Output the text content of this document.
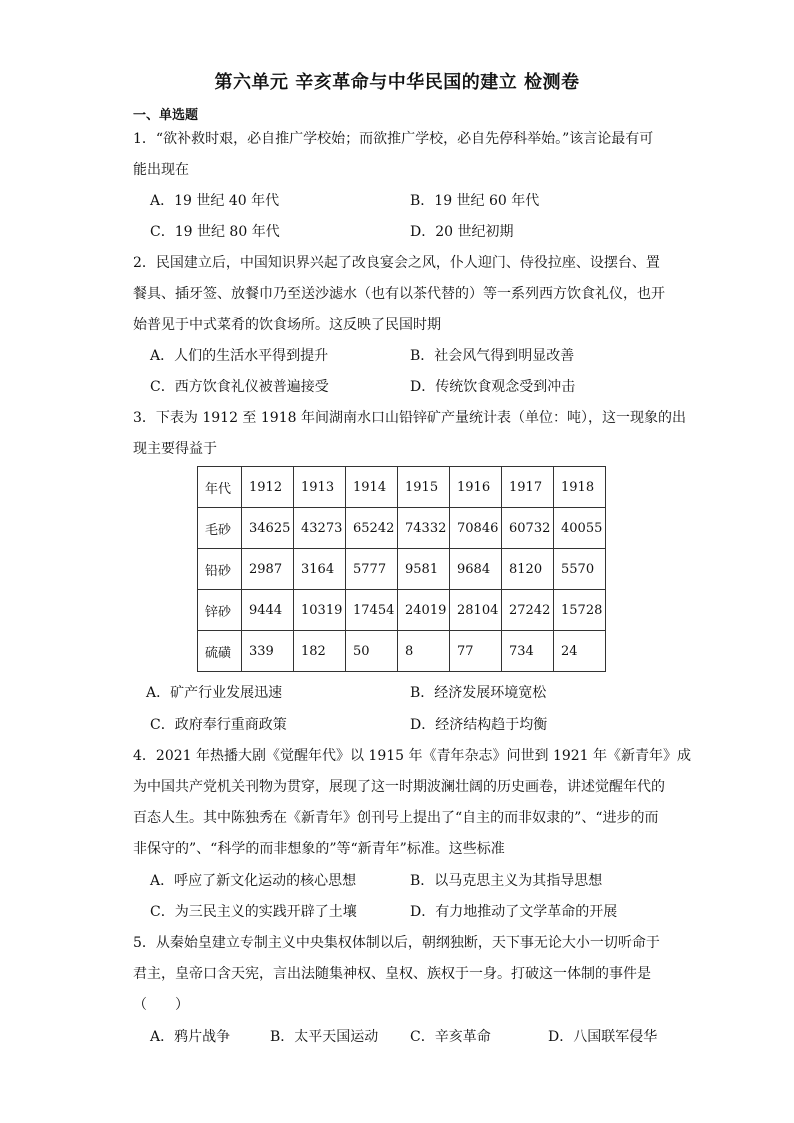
第六单元 辛亥革命与中华民国的建立 检测卷
一、单选题
1．“欲补救时艰，必自推广学校始；而欲推广学校，必自先停科举始。”该言论最有可
能出现在
A．19 世纪 40 年代	B．19 世纪 60 年代
C．19 世纪 80 年代	D．20 世纪初期
2．民国建立后，中国知识界兴起了改良宴会之风，仆人迎门、侍役拉座、设摆台、置
餐具、插牙签、放餐巾乃至送沙滤水（也有以茶代替的）等一系列西方饮食礼仪，也开
始普见于中式菜肴的饮食场所。这反映了民国时期
A．人们的生活水平得到提升	B．社会风气得到明显改善
C．西方饮食礼仪被普遍接受	D．传统饮食观念受到冲击
3．下表为 1912 至 1918 年间湖南水口山铅锌矿产量统计表（单位：吨），这一现象的出
现主要得益于
年代	1912	1913	1914	1915	1916	1917	1918
毛砂	34625	43273	65242	74332	70846	60732	40055
铅砂	2987	3164	5777	9581	9684	8120	5570
锌砂	9444	10319	17454	24019	28104	27242	15728
硫磺	339	182	50	8	77	734	24
A．矿产行业发展迅速	B．经济发展环境宽松
C．政府奉行重商政策	D．经济结构趋于均衡
4．2021 年热播大剧《觉醒年代》以 1915 年《青年杂志》问世到 1921 年《新青年》成
为中国共产党机关刊物为贯穿，展现了这一时期波澜壮阔的历史画卷，讲述觉醒年代的
百态人生。其中陈独秀在《新青年》创刊号上提出了“自主的而非奴隶的”、“进步的而
非保守的”、“科学的而非想象的”等“新青年”标准。这些标准
A．呼应了新文化运动的核心思想	B．以马克思主义为其指导思想
C．为三民主义的实践开辟了土壤	D．有力地推动了文学革命的开展
5．从秦始皇建立专制主义中央集权体制以后，朝纲独断，天下事无论大小一切听命于
君主，皇帝口含天宪，言出法随集神权、皇权、族权于一身。打破这一体制的事件是
（　　）
A．鸦片战争	B．太平天国运动 C．辛亥革命	D．八国联军侵华
